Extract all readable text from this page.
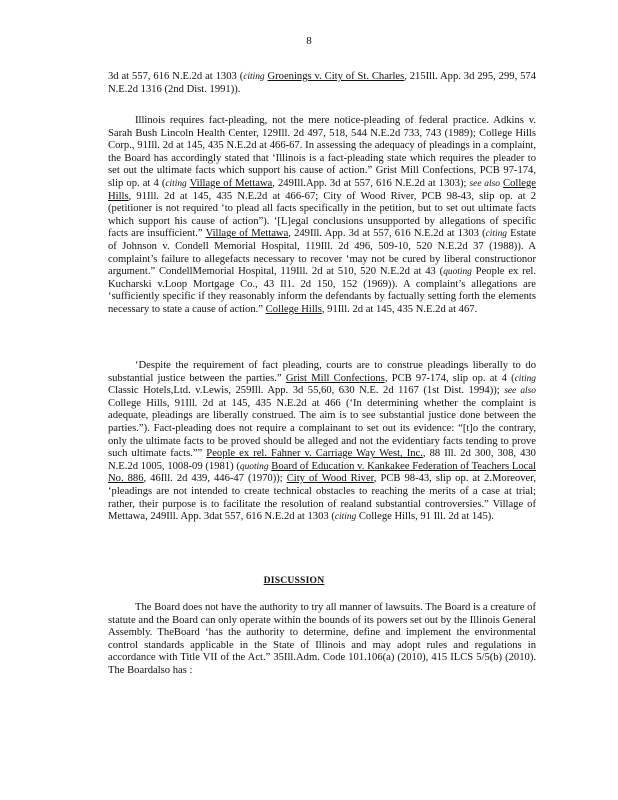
8
3d at 557, 616 N.E.2d at 1303 (citing Groenings v. City of St. Charles, 215Ill. App. 3d 295, 299, 574 N.E.2d 1316 (2nd Dist. 1991)).
Illinois requires fact-pleading, not the mere notice-pleading of federal practice. Adkins v. Sarah Bush Lincoln Health Center, 129Ill. 2d 497, 518, 544 N.E.2d 733, 743 (1989); College Hills Corp., 91Ill. 2d at 145, 435 N.E.2d at 466-67. In assessing the adequacy of pleadings in a complaint, the Board has accordingly stated that ‘Illinois is a fact-pleading state which requires the pleader to set out the ultimate facts which support his cause of action.” Grist Mill Confections, PCB 97-174, slip op. at 4 (citing Village of Mettawa, 249Ill.App. 3d at 557, 616 N.E.2d at 1303); see also College Hills, 91Ill. 2d at 145, 435 N.E.2d at 466-67; City of Wood River, PCB 98-43, slip op. at 2 (petitioner is not required ‘to plead all facts specifically in the petition, but to set out ultimate facts which support his cause of action”). ‘[L]egal conclusions unsupported by allegations of specific facts are insufficient.” Village of Mettawa, 249Ill. App. 3d at 557, 616 N.E.2d at 1303 (citing Estate of Johnson v. Condell Memorial Hospital, 119Ill. 2d 496, 509-10, 520 N.E.2d 37 (1988)). A complaint’s failure to allegefacts necessary to recover ‘may not be cured by liberal constructionor argument.” CondellMemorial Hospital, 119Ill. 2d at 510, 520 N.E.2d at 43 (quoting People ex rel. Kucharski v.Loop Mortgage Co., 43 Il1. 2d 150, 152 (1969)). A complaint’s allegations are ‘sufficiently specific if they reasonably inform the defendants by factually setting forth the elements necessary to state a cause of action.” College Hills, 91Ill. 2d at 145, 435 N.E.2d at 467.
‘Despite the requirement of fact pleading, courts are to construe pleadings liberally to do substantial justice between the parties.” Grist Mill Confections, PCB 97-174, slip op. at 4 (citing Classic Hotels,Ltd. v.Lewis, 259Ill. App. 3d 55,60, 630 N.E. 2d 1167 (1st Dist. 1994)); see also College Hills, 91Ill. 2d at 145, 435 N.E.2d at 466 (‘In determining whether the complaint is adequate, pleadings are liberally construed. The aim is to see substantial justice done between the parties.”). Fact-pleading does not require a complainant to set out its evidence: “[t]o the contrary, only the ultimate facts to be proved should be alleged and not the evidentiary facts tending to prove such ultimate facts.”” People ex rel. Fahner v. Carriage Way West, Inc., 88 Ill. 2d 300, 308, 430 N.E.2d 1005, 1008-09 (1981) (quoting Board of Education v. Kankakee Federation of Teachers Local No. 886, 46Ill. 2d 439, 446-47 (1970)); City of Wood River, PCB 98-43, slip op. at 2.Moreover, ‘pleadings are not intended to create technical obstacles to reaching the merits of a case at trial; rather, their purpose is to facilitate the resolution of realand substantial controversies.” Village of Mettawa, 249Ill. App. 3dat 557, 616 N.E.2d at 1303 (citing College Hills, 91 Ill. 2d at 145).
DISCUSSION
The Board does not have the authority to try all manner of lawsuits. The Board is a creature of statute and the Board can only operate within the bounds of its powers set out by the Illinois General Assembly. TheBoard ‘has the authority to determine, define and implement the environmental control standards applicable in the State of Illinois and may adopt rules and regulations in accordance with Title VII of the Act.” 35Ill.Adm. Code 101.106(a) (2010), 415 ILCS 5/5(b) (2010). The Boardalso has :
